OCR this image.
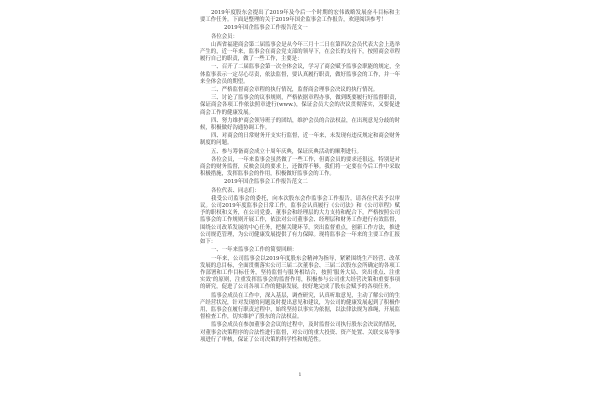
2019年度股东会提出了2019年及今后一个时期的宏伟战略发展奋斗目标和主要工作任务。下面是整理的关于2019年国企监事会工作报告，欢迎阅读参考！

2019年国企监事会工作报告范文一

各位会员：

山西省福建商会第二届监事会是从今年三月十二日在第四次会员代表大会上选举产生的，近一年来，监事会在商会党支部的领导下，在会长的支持下，按照商会章程履行自己的职责，做了一些工作，主要是：

一、召开了二届监事会第一次全体会议，学习了商会赋予监事会职能的规定，全体监事表示一定尽心尽责，依法监督，要认真履行职责，做好监事会的工作，并一年来全体会员的期望。

二、严格监督商会章程的执行情况，监督商会理事会决议的执行情况。

三、讨论了监事会的议事规则，严格依据章程办事，做到既要履行好监督职责，保证商会各项工作依法照章进行(www.)，保证会员大会的决议贯彻落实，又要促进商会工作的健康发展。

四、努力维护商会领导班子的团结，维护会员的合法权益，在出现意见分歧的时候，积极做好沟通协调工作。

四、对商会的日常财务开支实行监督，近一年来，未发现有违反规定和商会财务制度的问题。

五、参与筹备商会成立十周年庆典，保证庆典活动的顺利进行。

各位会员，一年来监事会虽然做了一些工作，但离会员的要求还很远，特别是对商会的财务监督，反映会员的要求上，还做得不够。我们将一定要在今后工作中采取积极措施，发挥监事会的作用，积极做好监事会的工作。

2019年国企监事会工作报告范文二

各位代表、同志们：

我受公司监事会的委托，向本次股东会作监事会工作报告，请各位代表予以审议。公司2019年度监事会日常工作，监事会认真履行《公司法》和《公司章程》赋予的职权和义务，在公司党委、董事会和经理层的大力支持和配合下，严格按照公司监事会的工作规则开展工作，依法对公司董事会、经理层和财务工作进行有效监督，围绕公司改革发展的中心任务，把握关键环节，突出监督重点，创新工作方法，推进公司规范管理，为公司健康发展提供了有力保障。现将监事会一年来的主要工作汇报如下：

一、一年来监事会工作的简要回顾：

一年来，公司监事会以2019年度股东会精神为指导，紧紧围绕生产经营、改革发展的总目标，全面贯彻落实公司三届二次董事会、三届二次股东会所确定的各项工作部署和工作目标任务，坚持监督与服务相结合，按照‘服务大局、突出重点、注重实效’的原则，注重发挥监事会的监督作用，积极参与公司重大经营决策和重要事项的研究，促进了公司各项工作的健康发展，较好地完成了股东会赋予的各项任务。

监事会成员在工作中，深入基层，调查研究，认真听取意见，主动了解公司的生产经营状况，针对发现的问题及时提出意见和建议，为公司的健康发展起到了积极作用，监事会在履行职责过程中，始终坚持以事实为依据，以法律法规为准绳，开展监督检查工作，切实维护了股东的合法权益。

监事会成员在参加董事会会议的过程中，及时监督公司执行股东会决议的情况，对董事会决策程序的合法性进行监督，对公司的重大投资、资产处置、关联交易等事项进行了审核，保证了公司决策的科学性和规范性。

1
